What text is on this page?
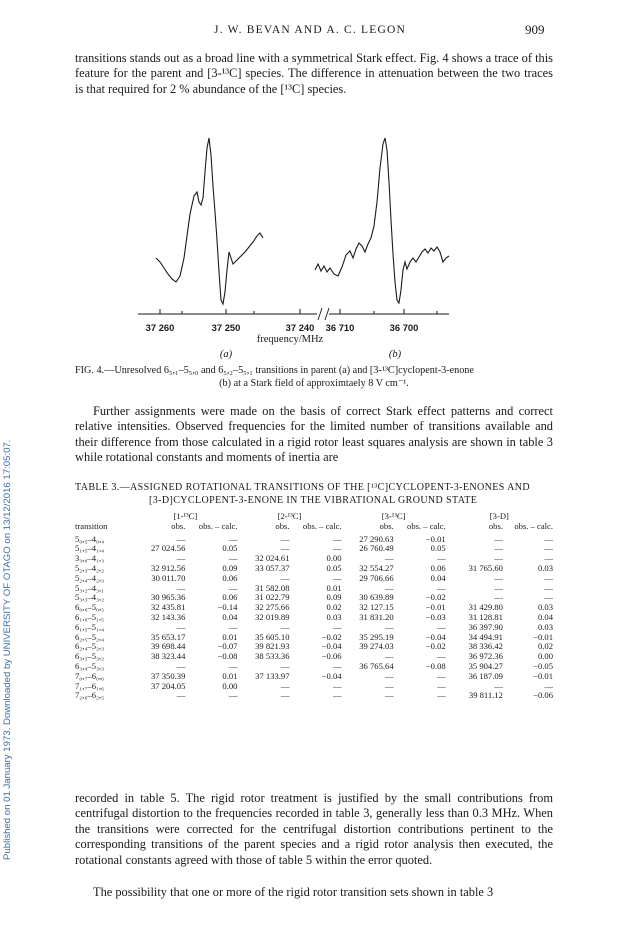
J. W. BEVAN AND A. C. LEGON	909
Published on 01 January 1973. Downloaded by UNIVERSITY OF OTAGO on 13/12/2016 17:05:07.

transitions stands out as a broad line with a symmetrical Stark effect. Fig. 4 shows a trace of this feature for the parent and [3-¹³C] species. The difference in attenuation between the two traces is that required for 2 % abundance of the [¹³C] species.

37 260	37 250	37 240 36 710	36 700
frequency/MHz
(a)	(b)
FIG. 4.—Unresolved 6₅,₁–5₅,₀ and 6₅,₂–5₅,₁ transitions in parent (a) and [3-¹³C]cyclopent-3-enone
(b) at a Stark field of approximtaely 8 V cm⁻¹.

Further assignments were made on the basis of correct Stark effect patterns and correct relative intensities. Observed frequencies for the limited number of transitions available and their difference from those calculated in a rigid rotor least squares analysis are shown in table 3 while rotational constants and moments of inertia are

TABLE 3.—ASSIGNED ROTATIONAL TRANSITIONS OF THE [¹³C]CYCLOPENT-3-ENONES AND
[3-D]CYCLOPENT-3-ENONE IN THE VIBRATIONAL GROUND STATE
	[1-¹³C]		[2-¹³C]		[3-¹³C]		[3-D]	
transition	obs.	obs. – calc.	obs.	obs. – calc.	obs.	obs. – calc.	obs.	obs. – calc.
5₀,₅–4₀,₄	—	—	—	—	27 290.63	−0.01	—	—
5₁,₅–4₁,₄	27 024.56	0.05	—	—	26 760.49	0.05	—	—
3₃,₀–4₁,₃	—	—	32 024.61	0.00	—	—	—	—
5₂,₃–4₂,₂	32 912.56	0.09	33 057.37	0.05	32 554.27	0.06	31 765.60	0.03
5₂,₄–4₂,₃	30 011.70	0.06	—	—	29 706.66	0.04	—	—
5₃,₂–4₃,₁	—	—	31 582.08	0.01	—	—	—	—
5₃,₃–4₃,₂	30 965.36	0.06	31 022.79	0.09	30 639.89	−0.02	—	—
6₀,₆–5₀,₅	32 435.81	−0.14	32 275.66	0.02	32 127.15	−0.01	31 429.80	0.03
6₁,₆–5₁,₅	32 143.36	0.04	32 019.89	0.03	31 831.20	−0.03	31 128.81	0.04
6₁,₅–5₁,₄	—	—	—	—	—	—	36 397.90	0.03
6₂,₅–5₂,₄	35 653.17	0.01	35 605.10	−0.02	35 295.19	−0.04	34 494.91	−0.01
6₂,₄–5₂,₃	39 698.44	−0.07	39 821.93	−0.04	39 274.03	−0.02	38 336.42	0.02
6₃,₃–5₃,₂	38 323.44	−0.08	38 533.36	−0.06	—	—	36 972.36	0.00
6₃,₄–5₃,₃	—	—	—	—	36 765.64	−0.08	35 904.27	−0.05
7₀,₇–6₀,₆	37 350.39	0.01	37 133.97	−0.04	—	—	36 187.09	−0.01
7₁,₇–6₁,₆	37 204.05	0.00	—	—	—	—	—	—
7₂,₆–6₂,₅	—	—	—	—	—	—	39 811.12	−0.06

recorded in table 5. The rigid rotor treatment is justified by the small contributions from centrifugal distortion to the frequencies recorded in table 3, generally less than 0.3 MHz. When the transitions were corrected for the centrifugal distortion contributions pertinent to the corresponding transitions of the parent species and a rigid rotor analysis then executed, the rotational constants agreed with those of table 5 within the error quoted.

The possibility that one or more of the rigid rotor transition sets shown in table 3
